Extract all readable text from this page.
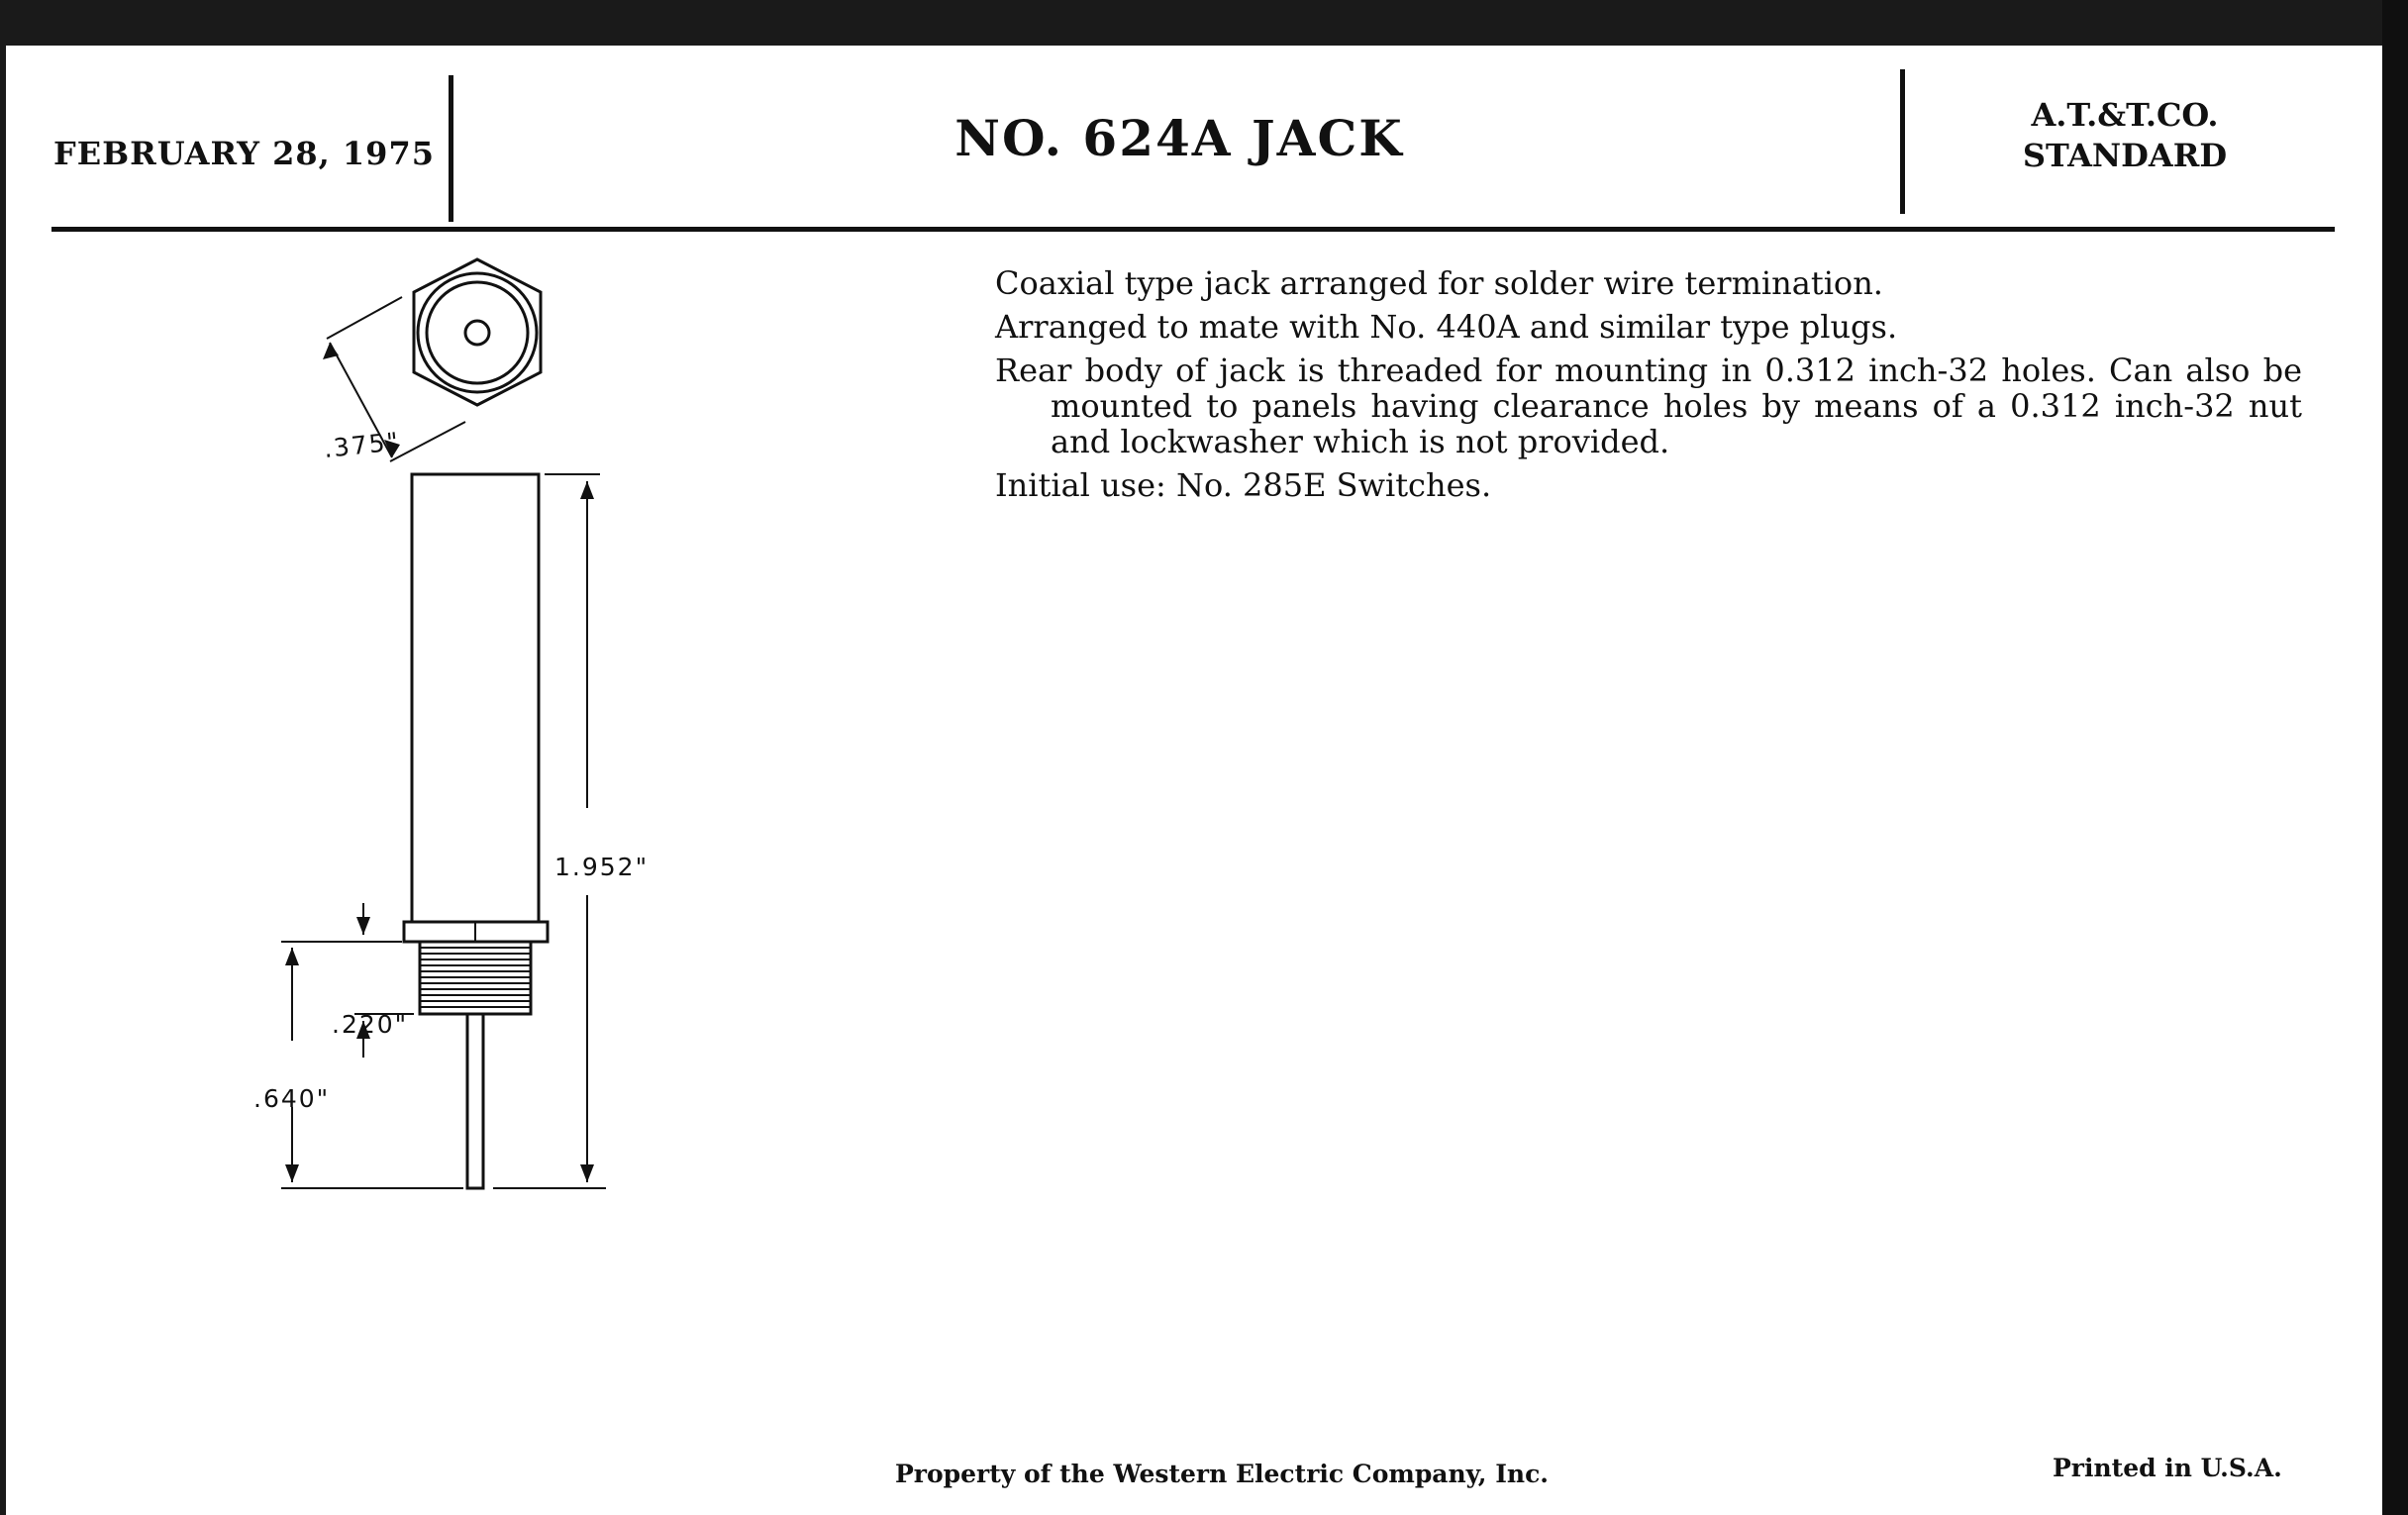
FEBRUARY 28, 1975	NO. 624A JACK	A.T.&T.CO.
STANDARD
.375"
1.952"
.220"
.640"

Coaxial type jack arranged for solder wire termination.

Arranged to mate with No. 440A and similar type plugs.

Rear body of jack is threaded for mounting in 0.312 inch-32 holes. Can also be mounted to panels having clearance holes by means of a 0.312 inch-32 nut and lockwasher which is not provided.

Initial use: No. 285E Switches.

Property of the Western Electric Company, Inc.	Printed in U.S.A.
